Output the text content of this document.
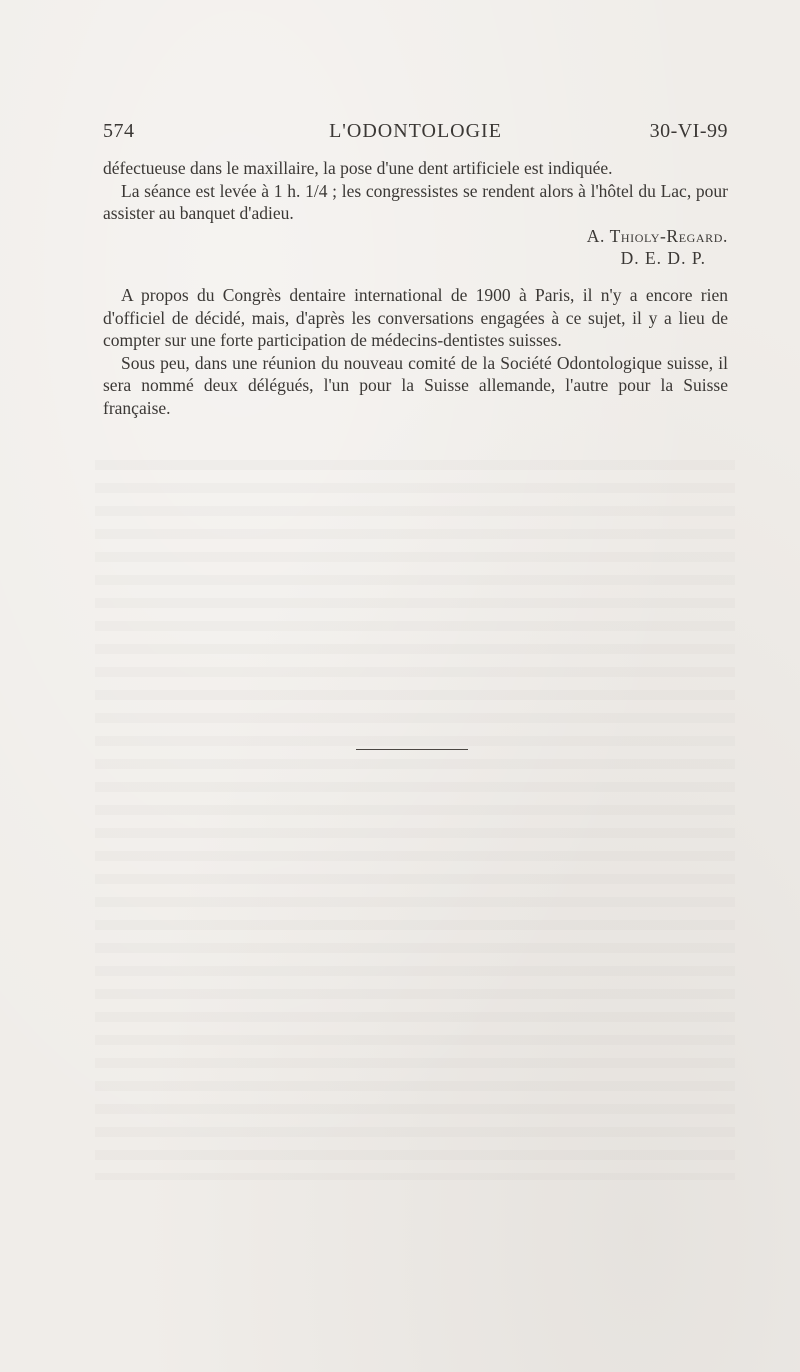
574	L'ODONTOLOGIE	30-VI-99

défectueuse dans le maxillaire, la pose d'une dent artificiele est indiquée.

La séance est levée à 1 h. 1/4 ; les congressistes se rendent alors à l'hôtel du Lac, pour assister au banquet d'adieu.

A. Thioly-Regard.
D. E. D. P.

A propos du Congrès dentaire international de 1900 à Paris, il n'y a encore rien d'officiel de décidé, mais, d'après les conversations engagées à ce sujet, il y a lieu de compter sur une forte participation de médecins-dentistes suisses.

Sous peu, dans une réunion du nouveau comité de la Société Odontologique suisse, il sera nommé deux délégués, l'un pour la Suisse allemande, l'autre pour la Suisse française.
